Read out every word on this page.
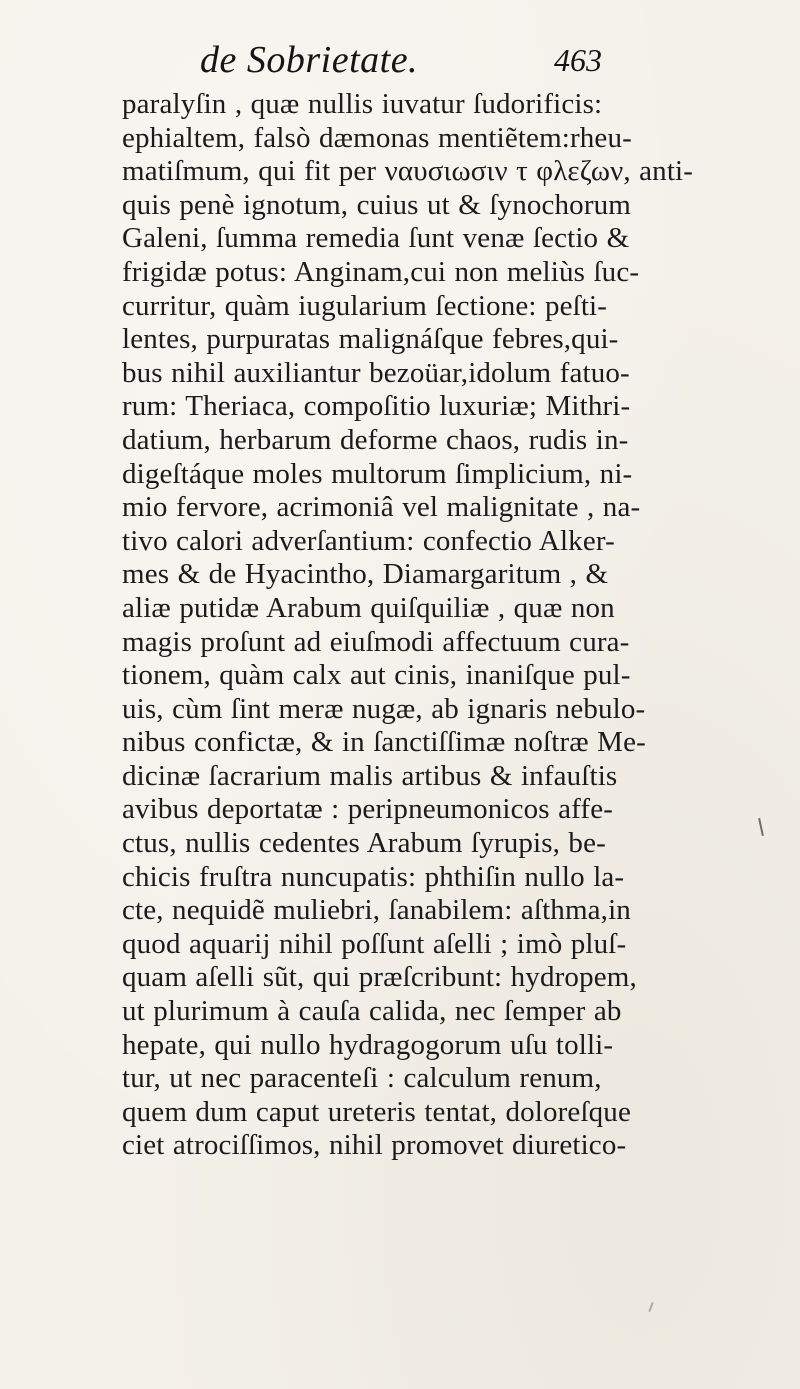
de Sobrietate.	463
paralyſin , quæ nullis iuvatur ſudorificis:
ephialtem, falsò dæmonas mentiẽtem:rheu-
matiſmum, qui fit per ναυσιωσιν τ φλεζων, anti-
quis penè ignotum, cuius ut & ſynochorum
Galeni, ſumma remedia ſunt venæ ſectio &
frigidæ potus: Anginam,cui non meliùs ſuc-
curritur, quàm iugularium ſectione: peſti-
lentes, purpuratas malignáſque febres,qui-
bus nihil auxiliantur bezoüar,idolum fatuo-
rum: Theriaca, compoſitio luxuriæ; Mithri-
datium, herbarum deforme chaos, rudis in-
digeſtáque moles multorum ſimplicium, ni-
mio fervore, acrimoniâ vel malignitate , na-
tivo calori adverſantium: confectio Alker-
mes & de Hyacintho, Diamargaritum , &
aliæ putidæ Arabum quiſquiliæ , quæ non
magis proſunt ad eiuſmodi affectuum cura-
tionem, quàm calx aut cinis, inaniſque pul-
uis, cùm ſint meræ nugæ, ab ignaris nebulo-
nibus confictæ, & in ſanctiſſimæ noſtræ Me-
dicinæ ſacrarium malis artibus & infauſtis
avibus deportatæ : peripneumonicos affe-
ctus, nullis cedentes Arabum ſyrupis, be-
chicis fruſtra nuncupatis: phthiſin nullo la-
cte, nequidẽ muliebri, ſanabilem: aſthma,in
quod aquarij nihil poſſunt aſelli ; imò pluſ-
quam aſelli sũt, qui præſcribunt: hydropem,
ut plurimum à cauſa calida, nec ſemper ab
hepate, qui nullo hydragogorum uſu tolli-
tur, ut nec paracenteſi : calculum renum,
quem dum caput ureteris tentat, doloreſque
ciet atrociſſimos, nihil promovet diuretico-
